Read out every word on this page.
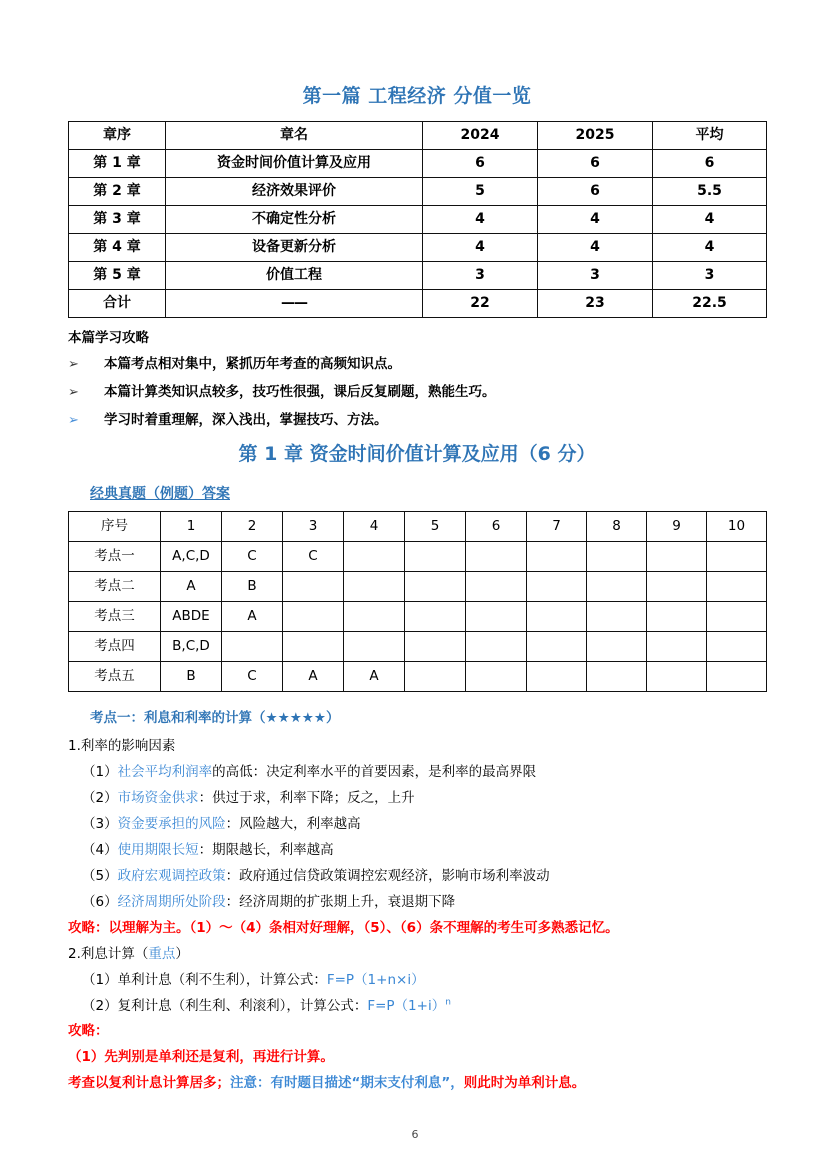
第一篇 工程经济 分值一览
章序	章名	2024	2025	平均
第 1 章	资金时间价值计算及应用	6	6	6
第 2 章	经济效果评价	5	6	5.5
第 3 章	不确定性分析	4	4	4
第 4 章	设备更新分析	4	4	4
第 5 章	价值工程	3	3	3
合计	——	22	23	22.5
本篇学习攻略
➢	本篇考点相对集中，紧抓历年考查的高频知识点。
➢	本篇计算类知识点较多，技巧性很强，课后反复刷题，熟能生巧。
➢	学习时着重理解，深入浅出，掌握技巧、方法。
第 1 章 资金时间价值计算及应用（6 分）
经典真题（例题）答案
序号	1	2	3	4	5	6	7	8	9	10
考点一	A,C,D	C	C							
考点二	A	B								
考点三	ABDE	A								
考点四	B,C,D									
考点五	B	C	A	A						
考点一：利息和利率的计算（★★★★★）
1.利率的影响因素
（1）社会平均利润率的高低：决定利率水平的首要因素，是利率的最高界限
（2）市场资金供求：供过于求，利率下降；反之，上升
（3）资金要承担的风险：风险越大，利率越高
（4）使用期限长短：期限越长，利率越高
（5）政府宏观调控政策：政府通过信贷政策调控宏观经济，影响市场利率波动
（6）经济周期所处阶段：经济周期的扩张期上升，衰退期下降
攻略：以理解为主。（1）～（4）条相对好理解，（5）、（6）条不理解的考生可多熟悉记忆。
2.利息计算（重点）
（1）单利计息（利不生利），计算公式：F=P（1+n×i）
（2）复利计息（利生利、利滚利），计算公式：$F=P(1+i)^n$
攻略：
（1）先判别是单利还是复利，再进行计算。
考查以复利计息计算居多；注意：有时题目描述“期末支付利息”，则此时为单利计息。
6
